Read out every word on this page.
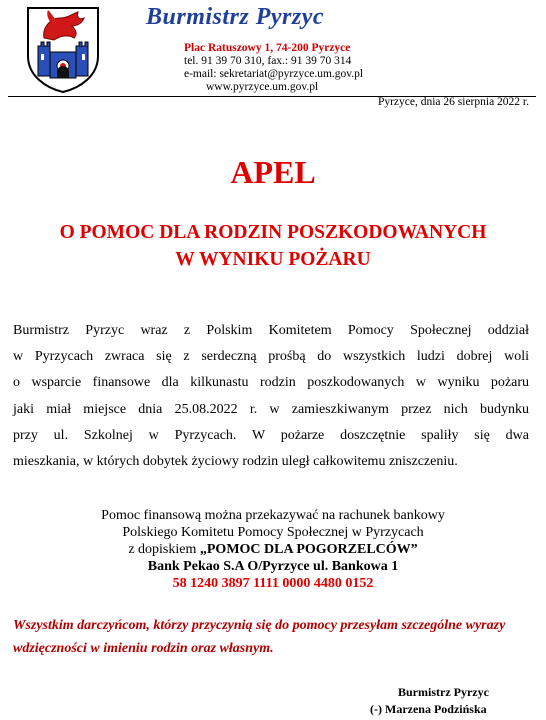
Burmistrz Pyrzyc
Plac Ratuszowy 1, 74-200 Pyrzyce
tel. 91 39 70 310, fax.: 91 39 70 314
e-mail: sekretariat@pyrzyce.um.gov.pl
www.pyrzyce.um.gov.pl
Pyrzyce, dnia 26 sierpnia 2022 r.
APEL
O POMOC DLA RODZIN POSZKODOWANYCH
W WYNIKU POŻARU
Burmistrz Pyrzyc wraz z Polskim Komitetem Pomocy Społecznej oddział
w Pyrzycach zwraca się z serdeczną prośbą do wszystkich ludzi dobrej woli
o wsparcie finansowe dla kilkunastu rodzin poszkodowanych w wyniku pożaru
jaki miał miejsce dnia 25.08.2022 r. w zamieszkiwanym przez nich budynku
przy ul. Szkolnej w Pyrzycach. W pożarze doszczętnie spaliły się dwa
mieszkania, w których dobytek życiowy rodzin uległ całkowitemu zniszczeniu.
Pomoc finansową można przekazywać na rachunek bankowy
Polskiego Komitetu Pomocy Społecznej w Pyrzycach
z dopiskiem „POMOC DLA POGORZELCÓW”
Bank Pekao S.A O/Pyrzyce ul. Bankowa 1
58 1240 3897 1111 0000 4480 0152
Wszystkim darczyńcom, którzy przyczynią się do pomocy przesyłam szczególne wyrazy wdzięczności w imieniu rodzin oraz własnym.
Burmistrz Pyrzyc
(-) Marzena Podzińska
